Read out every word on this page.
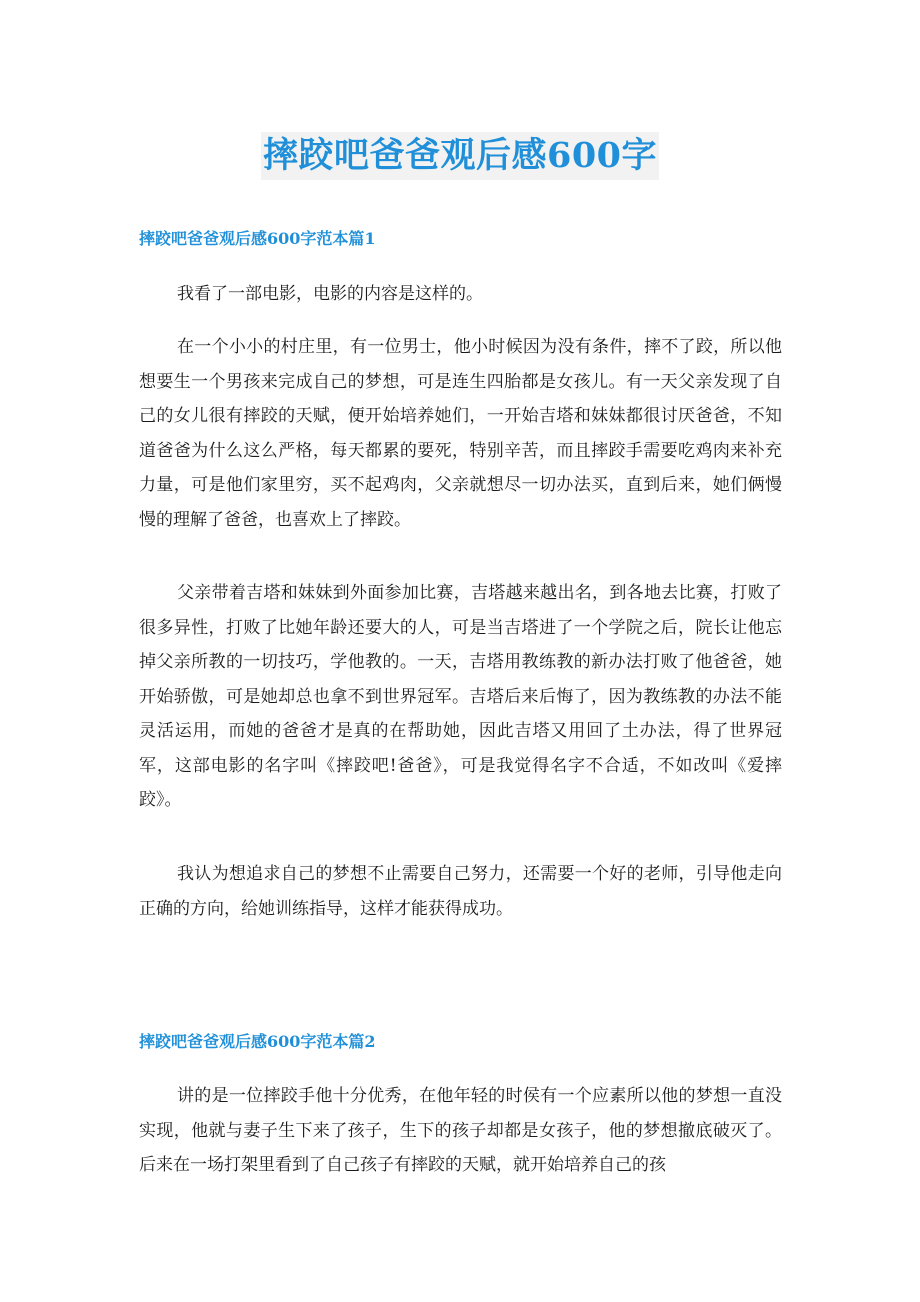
摔跤吧爸爸观后感600字
摔跤吧爸爸观后感600字范本篇1

我看了一部电影，电影的内容是这样的。

在一个小小的村庄里，有一位男士，他小时候因为没有条件，摔不了跤，所以他想要生一个男孩来完成自己的梦想，可是连生四胎都是女孩儿。有一天父亲发现了自己的女儿很有摔跤的天赋，便开始培养她们，一开始吉塔和妹妹都很讨厌爸爸，不知道爸爸为什么这么严格，每天都累的要死，特别辛苦，而且摔跤手需要吃鸡肉来补充力量，可是他们家里穷，买不起鸡肉，父亲就想尽一切办法买，直到后来，她们俩慢慢的理解了爸爸，也喜欢上了摔跤。

父亲带着吉塔和妹妹到外面参加比赛，吉塔越来越出名，到各地去比赛，打败了很多异性，打败了比她年龄还要大的人，可是当吉塔进了一个学院之后，院长让他忘掉父亲所教的一切技巧，学他教的。一天，吉塔用教练教的新办法打败了他爸爸，她开始骄傲，可是她却总也拿不到世界冠军。吉塔后来后悔了，因为教练教的办法不能灵活运用，而她的爸爸才是真的在帮助她，因此吉塔又用回了土办法，得了世界冠军，这部电影的名字叫《摔跤吧!爸爸》，可是我觉得名字不合适，不如改叫《爱摔跤》。

我认为想追求自己的梦想不止需要自己努力，还需要一个好的老师，引导他走向正确的方向，给她训练指导，这样才能获得成功。

摔跤吧爸爸观后感600字范本篇2

讲的是一位摔跤手他十分优秀，在他年轻的时侯有一个应素所以他的梦想一直没实现，他就与妻子生下来了孩子，生下的孩子却都是女孩子，他的梦想撤底破灭了。后来在一场打架里看到了自己孩子有摔跤的天赋，就开始培养自己的孩
